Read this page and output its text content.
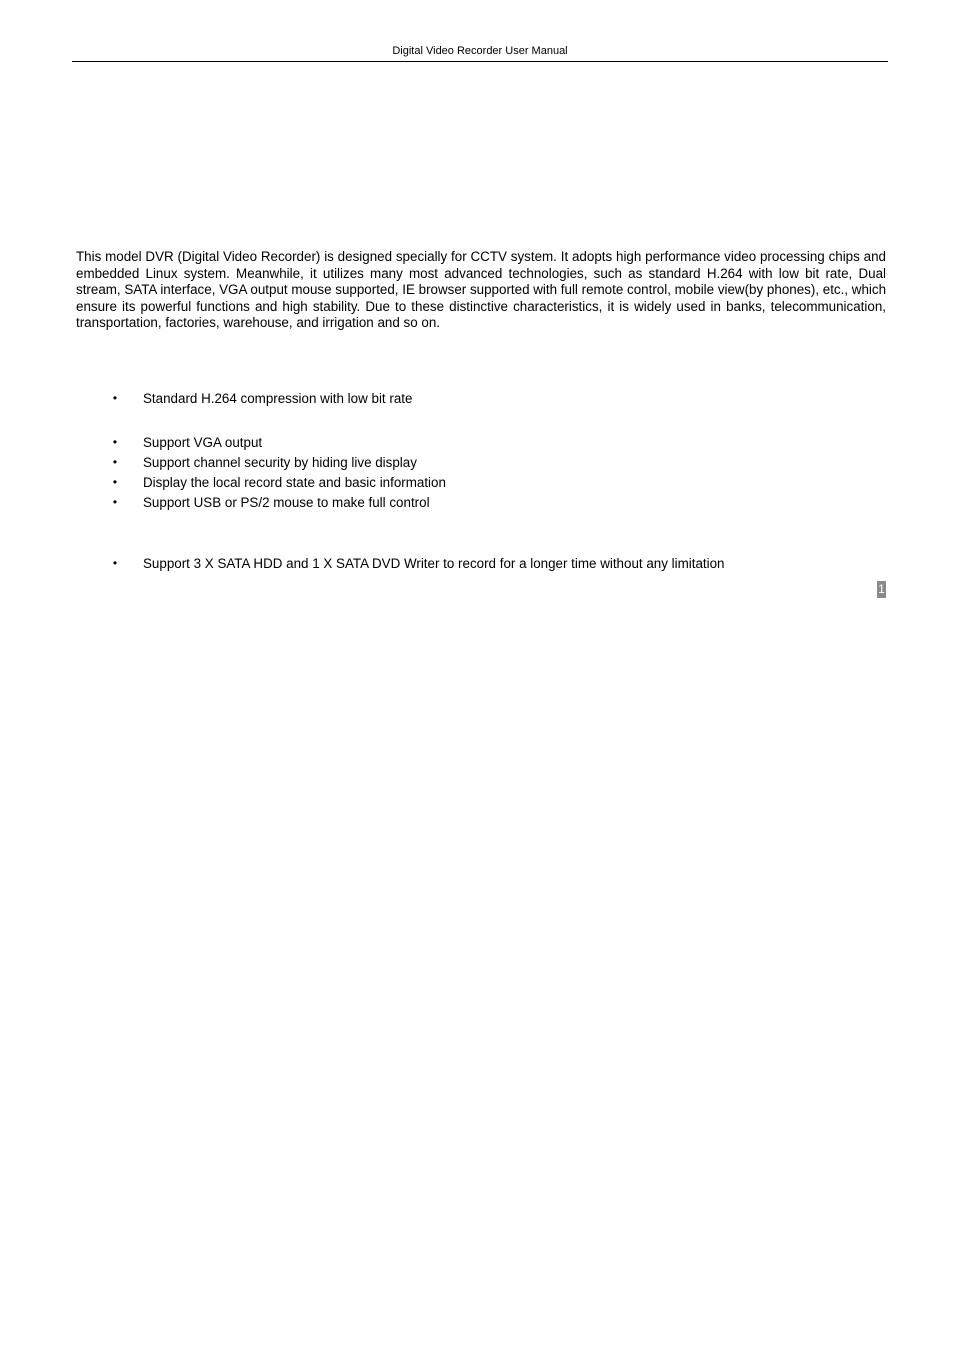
Digital Video Recorder User Manual

This model DVR (Digital Video Recorder) is designed specially for CCTV system. It adopts high performance video processing chips and embedded Linux system. Meanwhile, it utilizes many most advanced technologies, such as standard H.264 with low bit rate, Dual stream, SATA interface, VGA output mouse supported, IE browser supported with full remote control, mobile view(by phones), etc., which ensure its powerful functions and high stability. Due to these distinctive characteristics, it is widely used in banks, telecommunication, transportation, factories, warehouse, and irrigation and so on.

• Standard H.264 compression with low bit rate
• Support VGA output
• Support channel security by hiding live display
• Display the local record state and basic information
• Support USB or PS/2 mouse to make full control
• Support 3 X SATA HDD and 1 X SATA DVD Writer to record for a longer time without any limitation
1
